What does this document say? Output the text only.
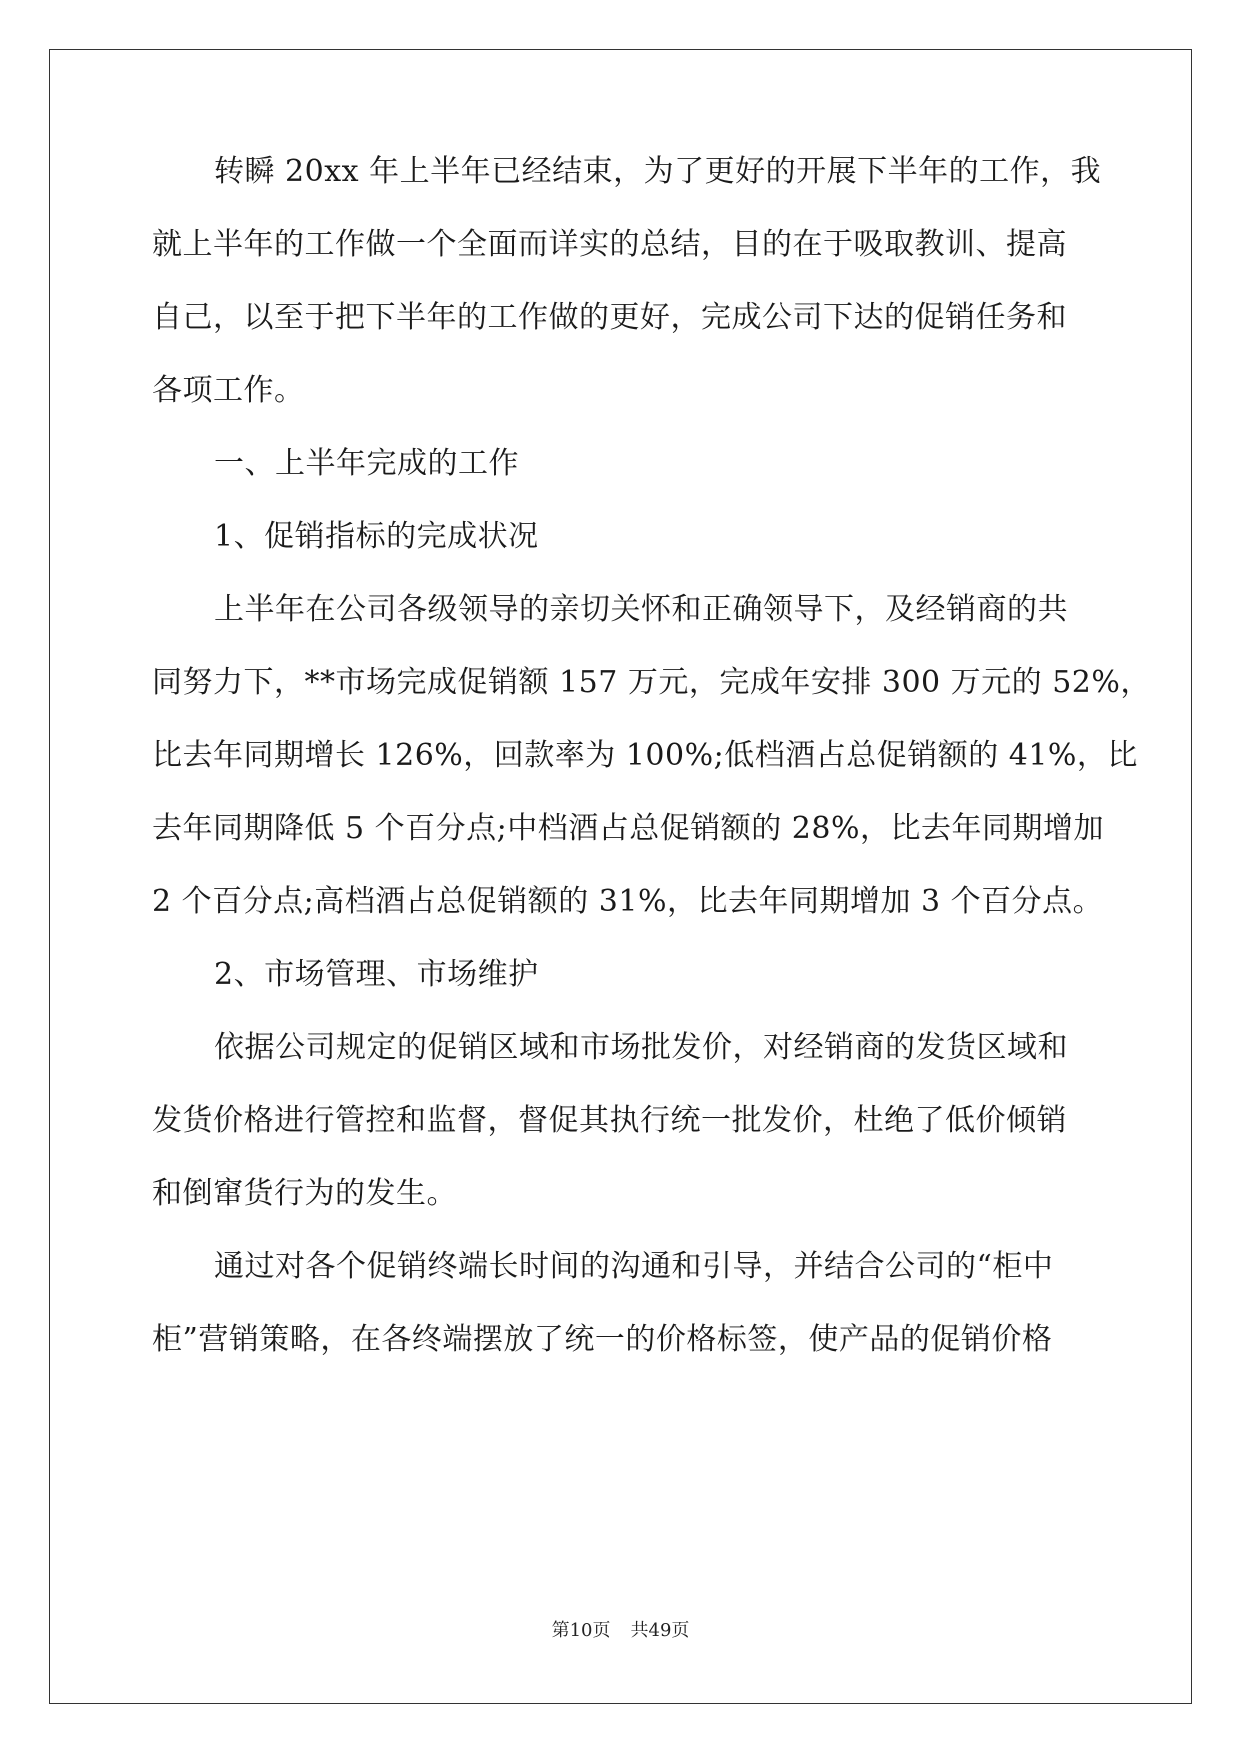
转瞬 20xx 年上半年已经结束，为了更好的开展下半年的工作，我

就上半年的工作做一个全面而详实的总结，目的在于吸取教训、提高

自己，以至于把下半年的工作做的更好，完成公司下达的促销任务和

各项工作。

一、上半年完成的工作

1、促销指标的完成状况

上半年在公司各级领导的亲切关怀和正确领导下，及经销商的共

同努力下，**市场完成促销额 157 万元，完成年安排 300 万元的 52%，

比去年同期增长 126%，回款率为 100%;低档酒占总促销额的 41%，比

去年同期降低 5 个百分点;中档酒占总促销额的 28%，比去年同期增加

2 个百分点;高档酒占总促销额的 31%，比去年同期增加 3 个百分点。

2、市场管理、市场维护

依据公司规定的促销区域和市场批发价，对经销商的发货区域和

发货价格进行管控和监督，督促其执行统一批发价，杜绝了低价倾销

和倒窜货行为的发生。

通过对各个促销终端长时间的沟通和引导，并结合公司的“柜中

柜”营销策略，在各终端摆放了统一的价格标签，使产品的促销价格

第10页 共49页
